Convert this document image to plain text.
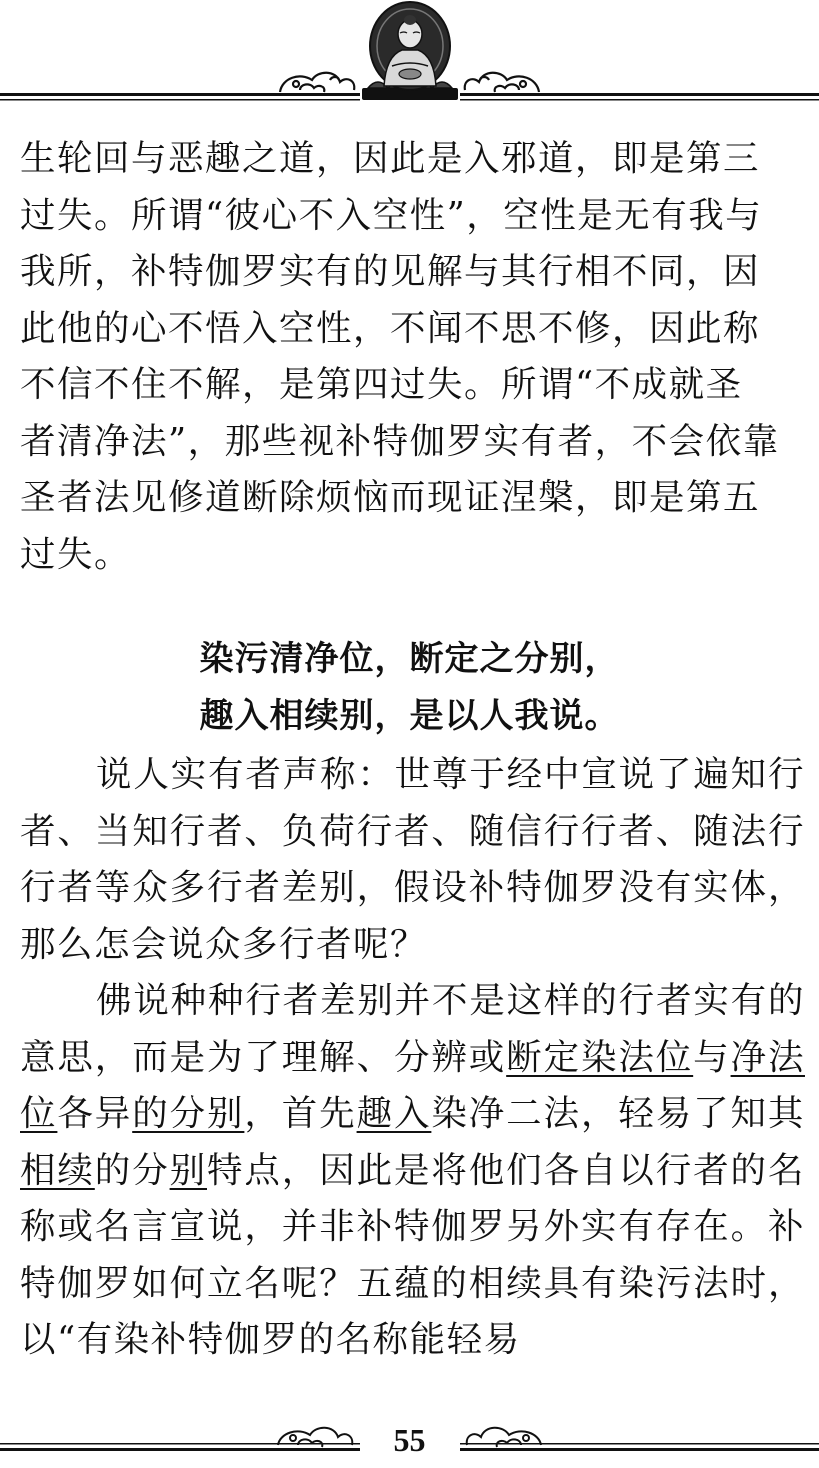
生轮回与恶趣之道，因此是入邪道，即是第三
过失。所谓“彼心不入空性”，空性是无有我与
我所，补特伽罗实有的见解与其行相不同，因
此他的心不悟入空性，不闻不思不修，因此称
不信不住不解，是第四过失。所谓“不成就圣
者清净法”，那些视补特伽罗实有者，不会依靠
圣者法见修道断除烦恼而现证涅槃，即是第五
过失。
染污清净位，断定之分别，
趣入相续别，是以人我说。

说人实有者声称：世尊于经中宣说了遍知行者、当知行者、负荷行者、随信行行者、随法行行者等众多行者差别，假设补特伽罗没有实体，那么怎会说众多行者呢？

佛说种种行者差别并不是这样的行者实有的意思，而是为了理解、分辨或断定染法位与净法位各异的分别，首先趣入染净二法，轻易了知其相续的分别特点，因此是将他们各自以行者的名称或名言宣说，并非补特伽罗另外实有存在。补特伽罗如何立名呢？五蕴的相续具有染污法时，以“有染补特伽罗的名称能轻易

55
